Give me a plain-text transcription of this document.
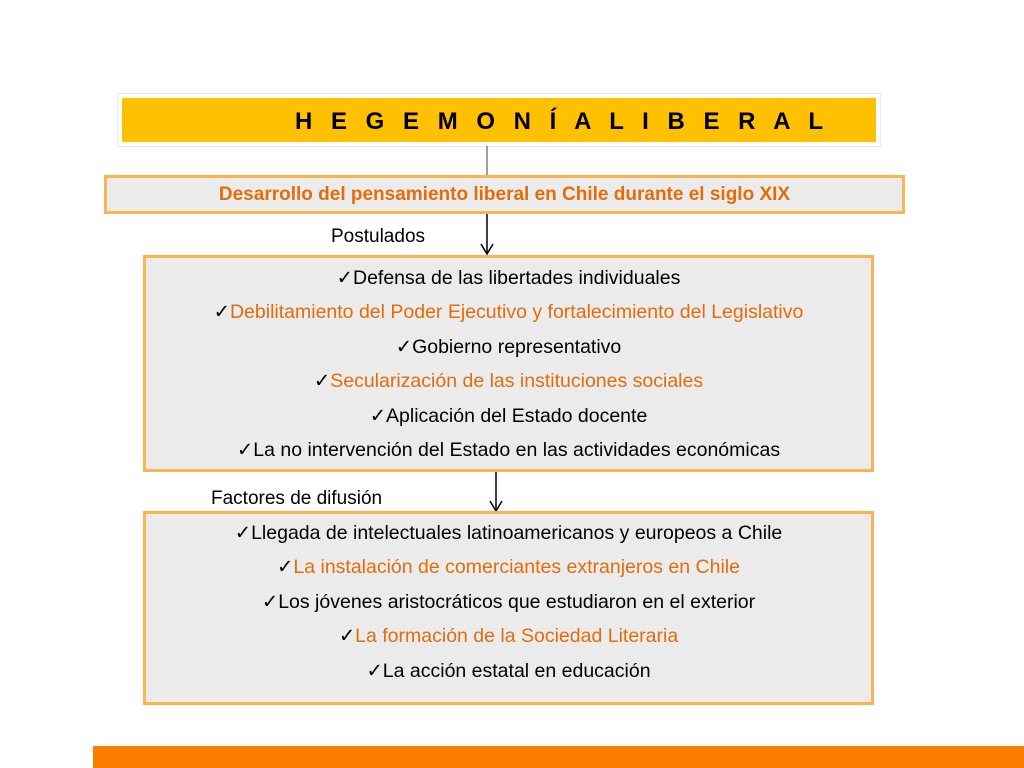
H E G E M O N Í A L I B E R A L
Desarrollo del pensamiento liberal en Chile durante el siglo XIX
Postulados
✓Defensa de las libertades individuales
✓Debilitamiento del Poder Ejecutivo y fortalecimiento del Legislativo
✓Gobierno representativo
✓Secularización de las instituciones sociales
✓Aplicación del Estado docente
✓La no intervención del Estado en las actividades económicas
Factores de difusión
✓Llegada de intelectuales latinoamericanos y europeos a Chile
✓La instalación de comerciantes extranjeros en Chile
✓Los jóvenes aristocráticos que estudiaron en el exterior
✓La formación de la Sociedad Literaria
✓La acción estatal en educación
